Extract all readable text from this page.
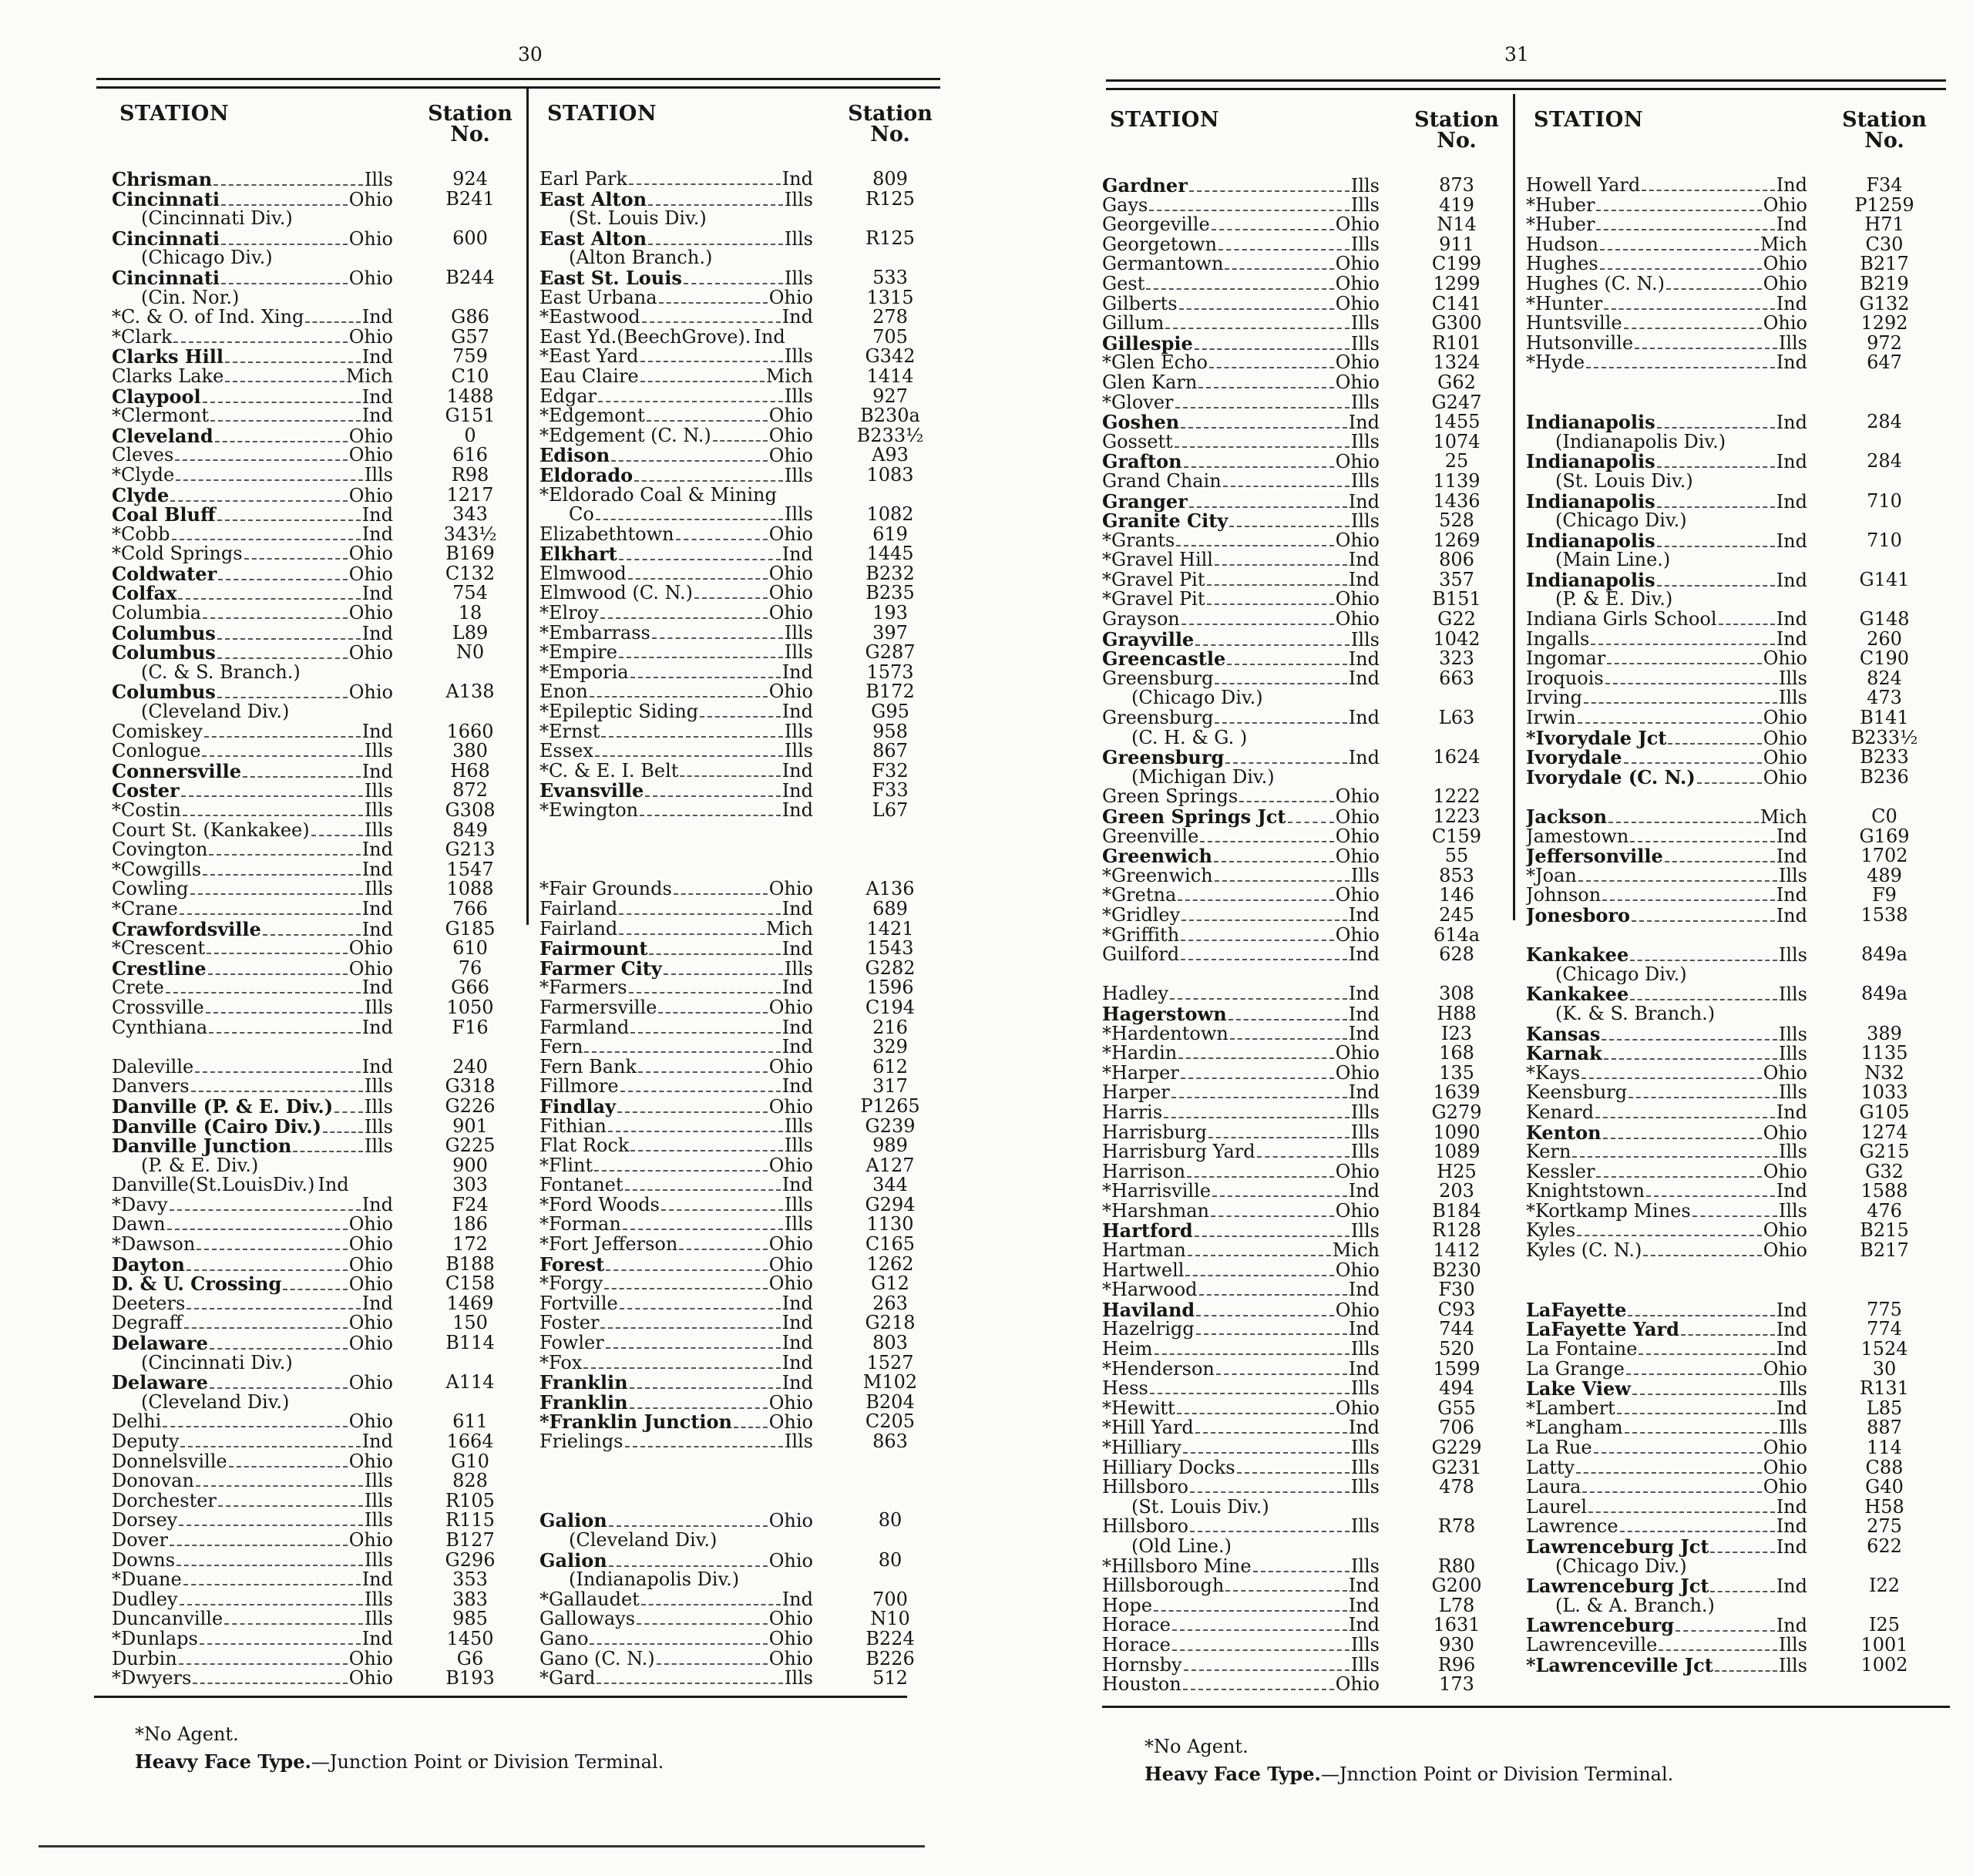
30
STATION	Station No.
Chrisman	Ills	924
Cincinnati	Ohio	B241
(Cincinnati Div.)
Cincinnati	Ohio	600
(Chicago Div.)
Cincinnati	Ohio	B244
(Cin. Nor.)
*C. & O. of Ind. Xing	Ind	G86
*Clark	Ohio	G57
Clarks Hill	Ind	759
Clarks Lake	Mich	C10
Claypool	Ind	1488
*Clermont	Ind	G151
Cleveland	Ohio	0
Cleves	Ohio	616
*Clyde	Ills	R98
Clyde	Ohio	1217
Coal Bluff	Ind	343
*Cobb	Ind	343½
*Cold Springs	Ohio	B169
Coldwater	Ohio	C132
Colfax	Ind	754
Columbia	Ohio	18
Columbus	Ind	L89
Columbus	Ohio	N0
(C. & S. Branch.)
Columbus	Ohio	A138
(Cleveland Div.)
Comiskey	Ind	1660
Conlogue	Ills	380
Connersville	Ind	H68
Coster	Ills	872
*Costin	Ills	G308
Court St. (Kankakee)	Ills	849
Covington	Ind	G213
*Cowgills	Ind	1547
Cowling	Ills	1088
*Crane	Ind	766
Crawfordsville	Ind	G185
*Crescent	Ohio	610
Crestline	Ohio	76
Crete	Ind	G66
Crossville	Ills	1050
Cynthiana	Ind	F16
Daleville	Ind	240
Danvers	Ills	G318
Danville (P. & E. Div.) Ills	G226
Danville (Cairo Div.) Ills	901
Danville Junction	Ills	G225
(P. & E. Div.)	900
Danville(St.LouisDiv.) Ind	303
*Davy	Ind	F24
Dawn	Ohio	186
*Dawson	Ohio	172
Dayton	Ohio	B188
D. & U. Crossing	Ohio	C158
Deeters	Ind	1469
Degraff	Ohio	150
Delaware	Ohio	B114
(Cincinnati Div.)
Delaware	Ohio	A114
(Cleveland Div.)
Delhi	Ohio	611
Deputy	Ind	1664
Donnelsville	Ohio	G10
Donovan	Ills	828
Dorchester	Ills	R105
Dorsey	Ills	R115
Dover	Ohio	B127
Downs	Ills	G296
*Duane	Ind	353
Dudley	Ills	383
Duncanville	Ills	985
*Dunlaps	Ind	1450
Durbin	Ohio	G6
*Dwyers	Ohio	B193
STATION	Station No.
Earl Park	Ind	809
East Alton	Ills	R125
(St. Louis Div.)
East Alton	Ills	R125
(Alton Branch.)
East St. Louis	Ills	533
East Urbana	Ohio	1315
*Eastwood	Ind	278
East Yd.(BeechGrove). Ind	705
*East Yard	Ills	G342
Eau Claire	Mich	1414
Edgar	Ills	927
*Edgemont	Ohio	B230a
*Edgement (C. N.)	Ohio	B233½
Edison	Ohio	A93
Eldorado	Ills	1083
*Eldorado Coal & Mining
Co	Ills	1082
Elizabethtown	Ohio	619
Elkhart	Ind	1445
Elmwood	Ohio	B232
Elmwood (C. N.)	Ohio	B235
*Elroy	Ohio	193
*Embarrass	Ills	397
*Empire	Ills	G287
*Emporia	Ind	1573
Enon	Ohio	B172
*Epileptic Siding	Ind	G95
*Ernst	Ills	958
Essex	Ills	867
*C. & E. I. Belt	Ind	F32
Evansville	Ind	F33
*Ewington	Ind	L67
*Fair Grounds	Ohio	A136
Fairland	Ind	689
Fairland	Mich	1421
Fairmount	Ind	1543
Farmer City	Ills	G282
*Farmers	Ind	1596
Farmersville	Ohio	C194
Farmland	Ind	216
Fern	Ind	329
Fern Bank	Ohio	612
Fillmore	Ind	317
Findlay	Ohio	P1265
Fithian	Ills	G239
Flat Rock	Ills	989
*Flint	Ohio	A127
Fontanet	Ind	344
*Ford Woods	Ills	G294
*Forman	Ills	1130
*Fort Jefferson	Ohio	C165
Forest	Ohio	1262
*Forgy	Ohio	G12
Fortville	Ind	263
Foster	Ind	G218
Fowler	Ind	803
*Fox	Ind	1527
Franklin	Ind	M102
Franklin	Ohio	B204
*Franklin Junction Ohio	C205
Frielings	Ills	863
Galion	Ohio	80
(Cleveland Div.)
Galion	Ohio	80
(Indianapolis Div.)
*Gallaudet	Ind	700
Galloways	Ohio	N10
Gano	Ohio	B224
Gano (C. N.)	Ohio	B226
*Gard	Ills	512
*No Agent.
Heavy Face Type.—Junction Point or Division Terminal.
31
STATION	Station No.
Gardner	Ills	873
Gays	Ills	419
Georgeville	Ohio	N14
Georgetown	Ills	911
Germantown	Ohio	C199
Gest	Ohio	1299
Gilberts	Ohio	C141
Gillum	Ills	G300
Gillespie	Ills	R101
*Glen Echo	Ohio	1324
Glen Karn	Ohio	G62
*Glover	Ills	G247
Goshen	Ind	1455
Gossett	Ills	1074
Grafton	Ohio	25
Grand Chain	Ills	1139
Granger	Ind	1436
Granite City	Ills	528
*Grants	Ohio	1269
*Gravel Hill	Ind	806
*Gravel Pit	Ind	357
*Gravel Pit	Ohio	B151
Grayson	Ohio	G22
Grayville	Ills	1042
Greencastle	Ind	323
Greensburg	Ind	663
(Chicago Div.)
Greensburg	Ind	L63
(C. H. & G. )
Greensburg	Ind	1624
(Michigan Div.)
Green Springs	Ohio	1222
Green Springs Jct	Ohio	1223
Greenville	Ohio	C159
Greenwich	Ohio	55
*Greenwich	Ills	853
*Gretna	Ohio	146
*Gridley	Ind	245
*Griffith	Ohio	614a
Guilford	Ind	628
Hadley	Ind	308
Hagerstown	Ind	H88
*Hardentown	Ind	I23
*Hardin	Ohio	168
*Harper	Ohio	135
Harper	Ind	1639
Harris	Ills	G279
Harrisburg	Ills	1090
Harrisburg Yard	Ills	1089
Harrison	Ohio	H25
*Harrisville	Ind	203
*Harshman	Ohio	B184
Hartford	Ills	R128
Hartman	Mich	1412
Hartwell	Ohio	B230
*Harwood	Ind	F30
Haviland	Ohio	C93
Hazelrigg	Ind	744
Heim	Ills	520
*Henderson	Ind	1599
Hess	Ills	494
*Hewitt	Ohio	G55
*Hill Yard	Ind	706
*Hilliary	Ills	G229
Hilliary Docks	Ills	G231
Hillsboro	Ills	478
(St. Louis Div.)
Hillsboro	Ills	R78
(Old Line.)
*Hillsboro Mine	Ills	R80
Hillsborough	Ind	G200
Hope	Ind	L78
Horace	Ind	1631
Horace	Ills	930
Hornsby	Ills	R96
Houston	Ohio	173
STATION	Station No.
Howell Yard	Ind	F34
*Huber	Ohio	P1259
*Huber	Ind	H71
Hudson	Mich	C30
Hughes	Ohio	B217
Hughes (C. N.)	Ohio	B219
*Hunter	Ind	G132
Huntsville	Ohio	1292
Hutsonville	Ills	972
*Hyde	Ind	647
Indianapolis	Ind	284
(Indianapolis Div.)
Indianapolis	Ind	284
(St. Louis Div.)
Indianapolis	Ind	710
(Chicago Div.)
Indianapolis	Ind	710
(Main Line.)
Indianapolis	Ind	G141
(P. & E. Div.)
Indiana Girls School	Ind	G148
Ingalls	Ind	260
Ingomar	Ohio	C190
Iroquois	Ills	824
Irving	Ills	473
Irwin	Ohio	B141
*Ivorydale Jct	Ohio	B233½
Ivorydale	Ohio	B233
Ivorydale (C. N.)	Ohio	B236
Jackson	Mich	C0
Jamestown	Ind	G169
Jeffersonville	Ind	1702
*Joan	Ills	489
Johnson	Ind	F9
Jonesboro	Ind	1538
Kankakee	Ills	849a
(Chicago Div.)
Kankakee	Ills	849a
(K. & S. Branch.)
Kansas	Ills	389
Karnak	Ills	1135
*Kays	Ohio	N32
Keensburg	Ills	1033
Kenard	Ind	G105
Kenton	Ohio	1274
Kern	Ills	G215
Kessler	Ohio	G32
Knightstown	Ind	1588
*Kortkamp Mines	Ills	476
Kyles	Ohio	B215
Kyles (C. N.)	Ohio	B217
LaFayette	Ind	775
LaFayette Yard	Ind	774
La Fontaine	Ind	1524
La Grange	Ohio	30
Lake View	Ills	R131
*Lambert	Ind	L85
*Langham	Ills	887
La Rue	Ohio	114
Latty	Ohio	C88
Laura	Ohio	G40
Laurel	Ind	H58
Lawrence	Ind	275
Lawrenceburg Jct	Ind	622
(Chicago Div.)
Lawrenceburg Jct	Ind	I22
(L. & A. Branch.)
Lawrenceburg	Ind	I25
Lawrenceville	Ills	1001
*Lawrenceville Jct	Ills	1002
*No Agent.
Heavy Face Type.—Jnnction Point or Division Terminal.
